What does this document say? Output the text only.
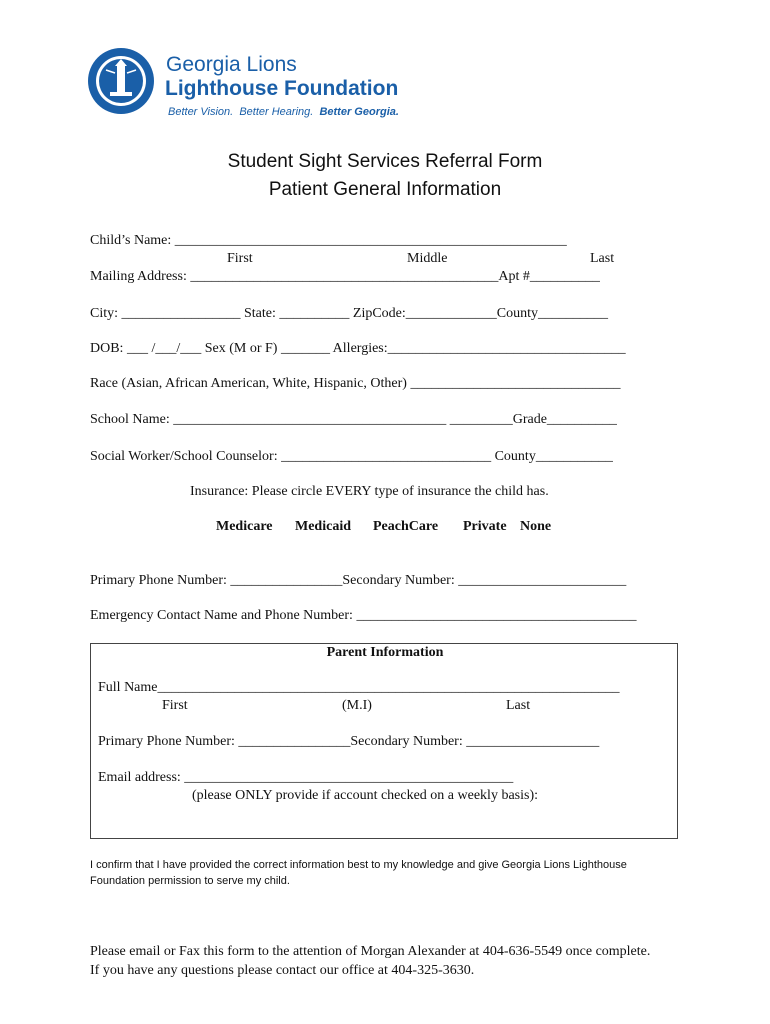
Georgia Lions
Lighthouse Foundation
Better Vision.  Better Hearing. Better Georgia.
Student Sight Services Referral Form
Patient General Information
Child’s Name: ________________________________________________________
First	Middle	Last
Mailing Address: ____________________________________________Apt #__________
City: _________________ State: __________ ZipCode:_____________County__________
DOB: ___ /___/___ Sex (M or F) _______ Allergies:__________________________________
Race (Asian, African American, White, Hispanic, Other) ______________________________
School Name: _______________________________________ _________Grade__________
Social Worker/School Counselor: ______________________________ County___________
Insurance: Please circle EVERY type of insurance the child has.
Medicare Medicaid PeachCare Private None
Primary Phone Number: ________________Secondary Number: ________________________
Emergency Contact Name and Phone Number: ________________________________________
Parent Information
Full Name__________________________________________________________________
First	(M.I)	Last
Primary Phone Number: ________________Secondary Number: ___________________
Email address: _______________________________________________
(please ONLY provide if account checked on a weekly basis):
I confirm that I have provided the correct information best to my knowledge and give Georgia Lions Lighthouse Foundation permission to serve my child.
Please email or Fax this form to the attention of Morgan Alexander at 404-636-5549 once complete. If you have any questions please contact our office at 404-325-3630.
